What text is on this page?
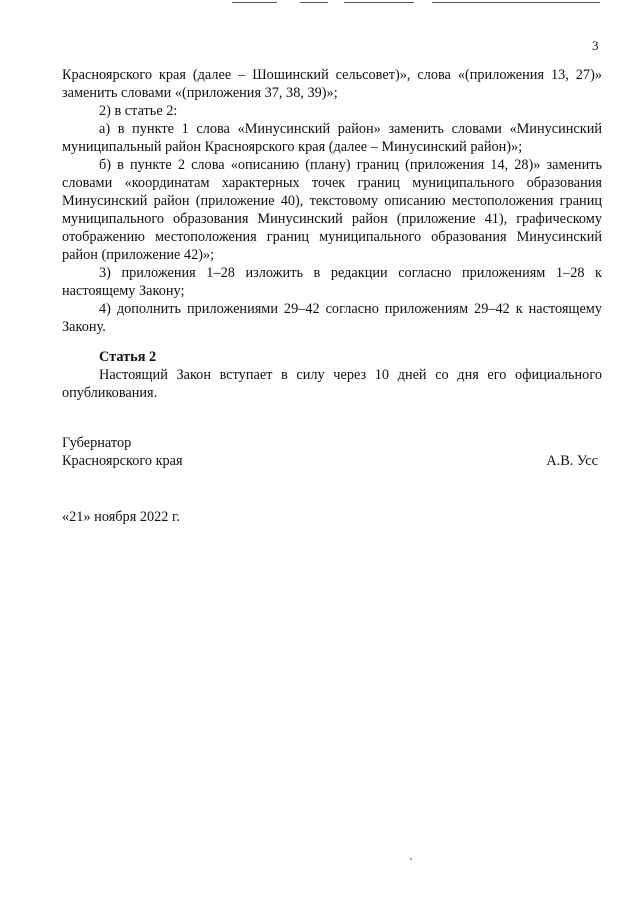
3

Красноярского края (далее – Шошинский сельсовет)», слова «(приложения 13, 27)» заменить словами «(приложения 37, 38, 39)»;

2) в статье 2:

а) в пункте 1 слова «Минусинский район» заменить словами «Минусинский муниципальный район Красноярского края (далее – Минусинский район)»;

б) в пункте 2 слова «описанию (плану) границ (приложения 14, 28)» заменить словами «координатам характерных точек границ муниципального образования Минусинский район (приложение 40), текстовому описанию местоположения границ муниципального образования Минусинский район (приложение 41), графическому отображению местоположения границ муниципального образования Минусинский район (приложение 42)»;

3) приложения 1–28 изложить в редакции согласно приложениям 1–28 к настоящему Закону;

4) дополнить приложениями 29–42 согласно приложениям 29–42 к настоящему Закону.

Статья 2

Настоящий Закон вступает в силу через 10 дней со дня его официального опубликования.

Губернатор
Красноярского края	А.В. Усс
«21» ноября 2022 г.
